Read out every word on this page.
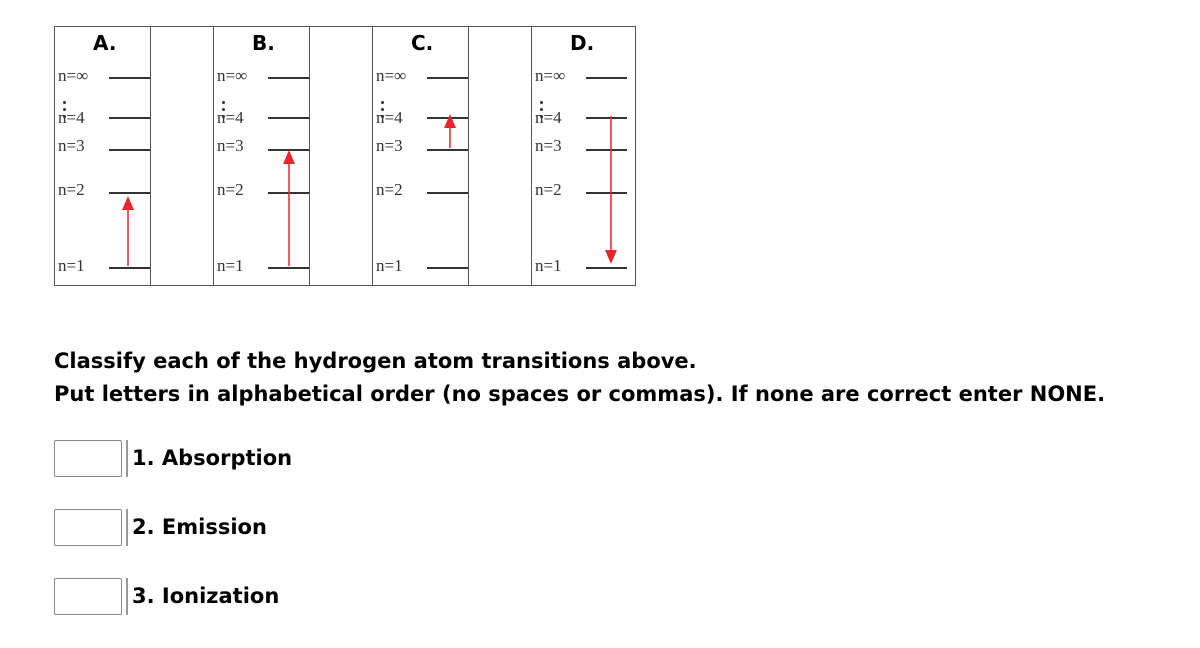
A.
n=∞
n=4
n=3
n=2
n=1
B.
n=∞
n=4
n=3
n=2
n=1
C.
n=∞
n=4
n=3
n=2
n=1
D.
n=∞
n=4
n=3
n=2
n=1
Classify each of the hydrogen atom transitions above.
Put letters in alphabetical order (no spaces or commas). If none are correct enter NONE.
1. Absorption
2. Emission
3. Ionization
